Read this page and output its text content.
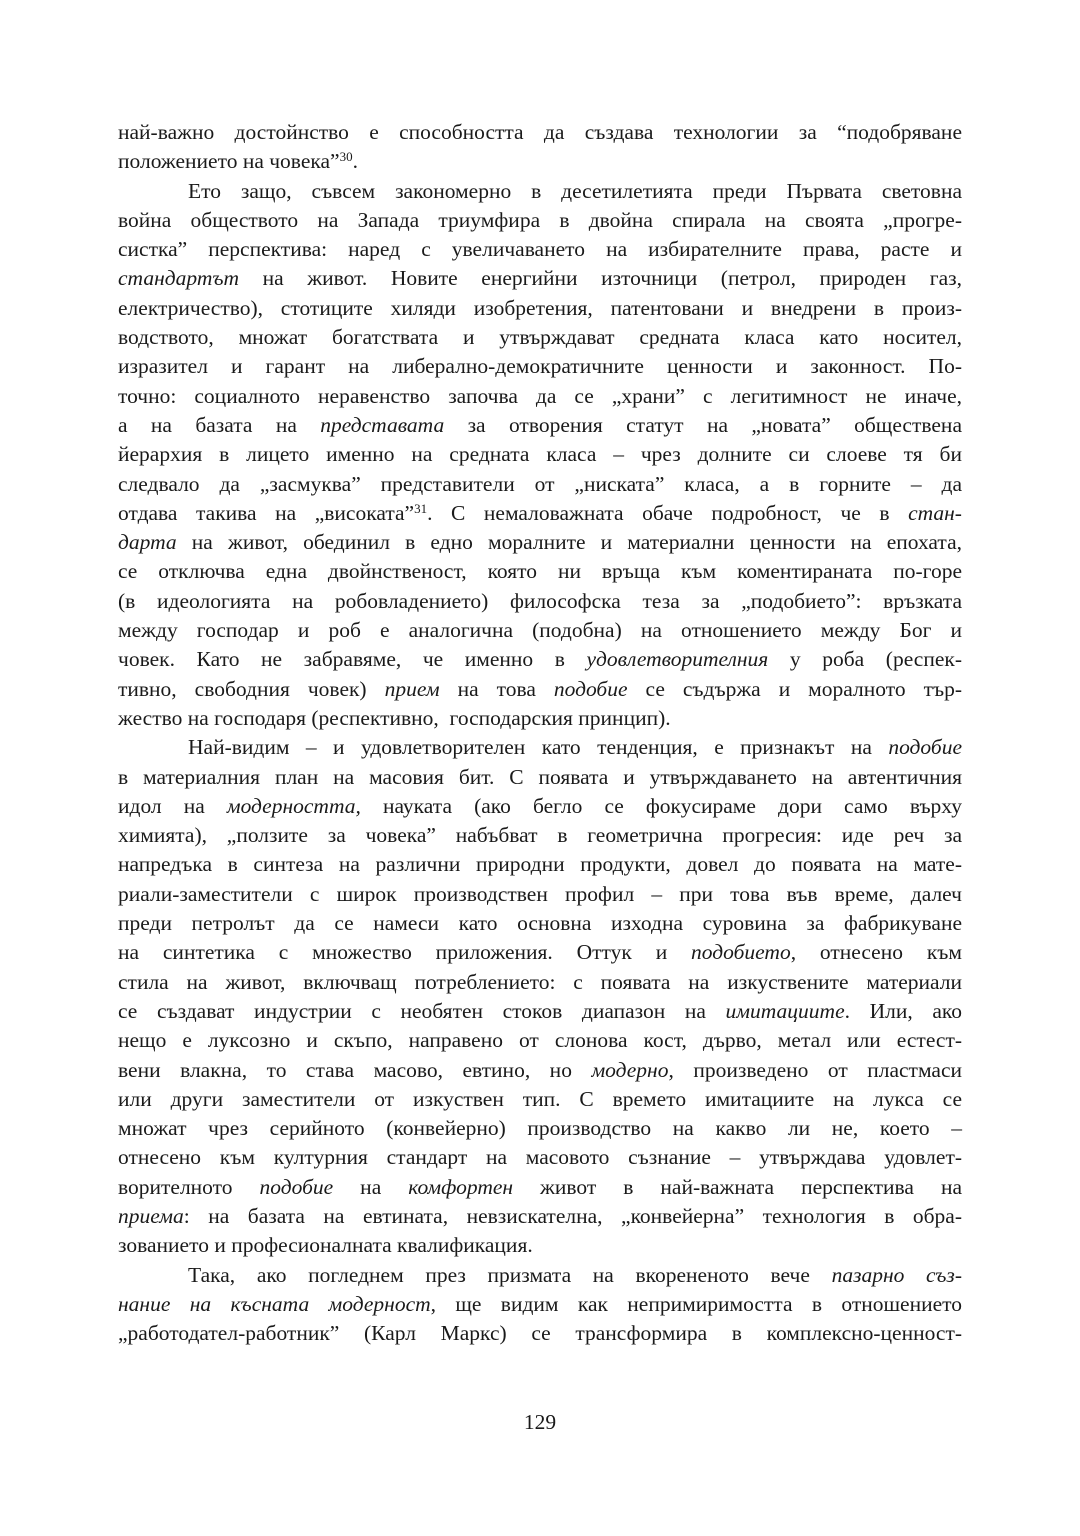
най-важно достойнство е способността да създава технологии за “подобряване
положението на човека”$^{30}$.
Ето защо, съвсем закономерно в десетилетията преди Първата световна
война обществото на Запада триумфира в двойна спирала на своята „прогре-
систка” перспектива: наред с увеличаването на избирателните права, расте и
стандартът на живот. Новите енергийни източници (петрол, природен газ,
електричество), стотиците хиляди изобретения, патентовани и внедрени в произ-
водството, множат богатствата и утвърждават средната класа като носител,
изразител и гарант на либерално-демократичните ценности и законност. По-
точно: социалното неравенство започва да се „храни” с легитимност не иначе,
а на базата на представата за отворения статут на „новата” обществена
йерархия в лицето именно на средната класа – чрез долните си слоеве тя би
следвало да „засмуква” представители от „ниската” класа, а в горните – да
отдава такива на „високата”$^{31}$. С немаловажната обаче подробност, че в стан-
дарта на живот, обединил в едно моралните и материални ценности на епохата,
се отключва една двойнственост, която ни връща към коментираната по-горе
(в идеологията на робовладението) философска теза за „подобието”: връзката
между господар и роб е аналогична (подобна) на отношението между Бог и
човек. Като не забравяме, че именно в удовлетворителния у роба (респек-
тивно, свободния човек) прием на това подобие се съдържа и моралното тър-
жество на господаря (респективно,  господарския принцип).
Най-видим – и удовлетворителен като тенденция, е признакът на подобие
в материалния план на масовия бит. С появата и утвърждаването на автентичния
идол на модерността, науката (ако бегло се фокусираме дори само върху
химията), „ползите за човека” набъбват в геометрична прогресия: иде реч за
напредъка в синтеза на различни природни продукти, довел до появата на мате-
риали-заместители с широк производствен профил – при това във време, далеч
преди петролът да се намеси като основна изходна суровина за фабрикуване
на синтетика с множество приложения. Оттук и подобието, отнесено към
стила на живот, включващ потреблението: с появата на изкуствените материали
се създават индустрии с необятен стоков диапазон на имитациите. Или, ако
нещо е луксозно и скъпо, направено от слонова кост, дърво, метал или естест-
вени влакна, то става масово, евтино, но модерно, произведено от пластмаси
или други заместители от изкуствен тип. С времето имитациите на лукса се
множат чрез серийното (конвейерно) производство на какво ли не, което –
отнесено към културния стандарт на масовото съзнание – утвърждава удовлет-
ворителното подобие на комфортен живот в най-важната перспектива на
приема: на базата на евтината, невзискателна, „конвейерна” технология в обра-
зованието и професионалната квалификация.
Така, ако погледнем през призмата на вкорененото вече пазарно съз-
нание на късната модерност, ще видим как непримиримостта в отношението
„работодател-работник” (Карл Маркс) се трансформира в комплексно-ценност-
129
